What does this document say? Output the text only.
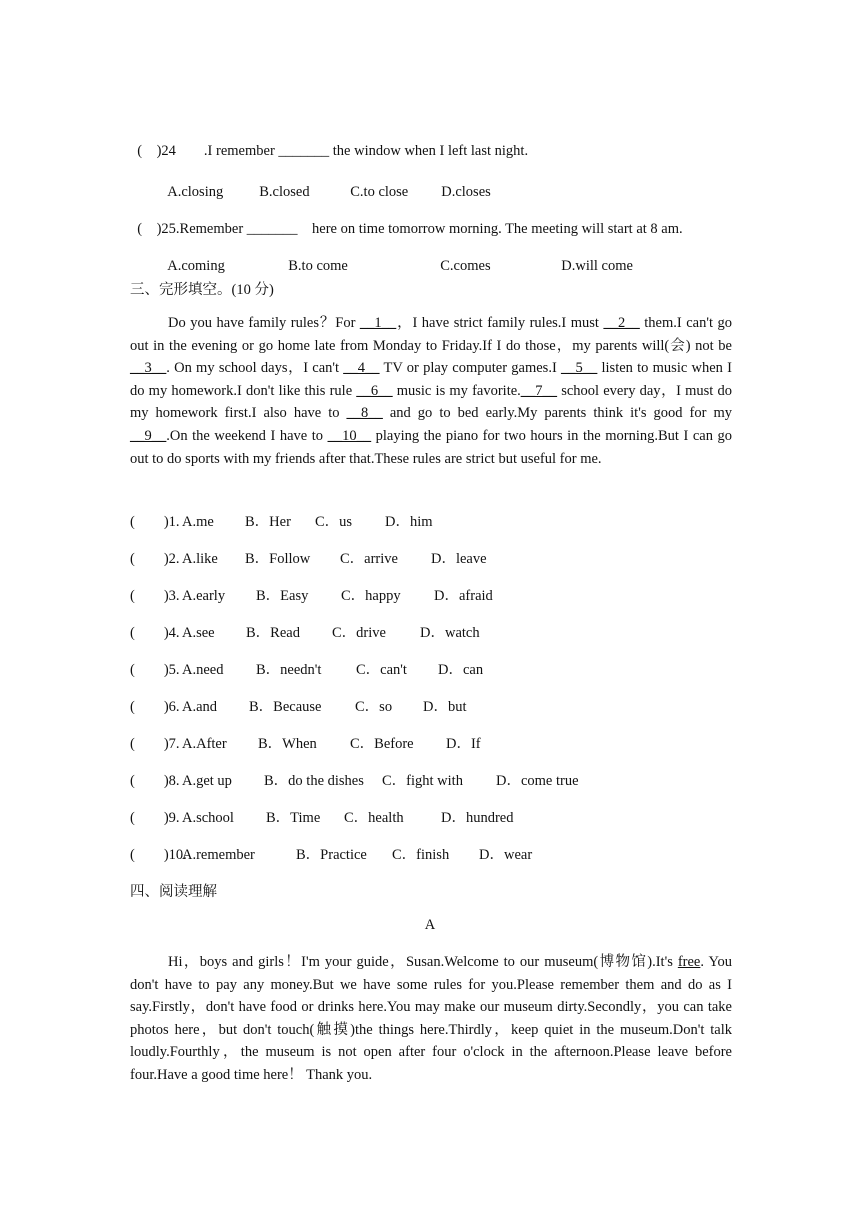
(    )24 .I remember _______ the window when I left last night.

A.closing B.closed	C.to close D.closes

(    )25.Remember _______    here on time tomorrow morning. The meeting will start at 8 am.

A.coming	B.to come	C.comes	D.will come

三、完形填空。(10 分)
Do you have family rules？For __1__，I have strict family rules.I must __2__ them.I can't go out in the evening or go home late from Monday to Friday.If I do those，my parents will(会) not be __3__. On my school days，I can't __4__ TV or play computer games.I __5__ listen to music when I do my homework.I don't like this rule __6__ music is my favorite.__7__ school every day，I must do my homework first.I also have to __8__ and go to bed early.My parents think it's good for my __9__.On the weekend I have to __10__ playing the piano for two hours in the morning.But I can go out to do sports with my friends after that.These rules are strict but useful for me.
(        )1. A.me B．Her C．us D．him
(        )2. A.like B．Follow C．arrive D．leave
(        )3. A.early B．Easy C．happy D．afraid
(        )4. A.see B．Read C．drive D．watch
(        )5. A.need B．needn't C．can't D．can
(        )6. A.and B．Because C．so D．but
(        )7. A.After B．When C．Before D．If
(        )8. A.get up B．do the dishes C．fight with D．come true
(        )9. A.school B．Time C．health	D．hundred
(        )10.A.remember	B．Practice C．finish D．wear
四、阅读理解
A
Hi，boys and girls！I'm your guide，Susan.Welcome to our museum(博物馆).It's free. You don't have to pay any money.But we have some rules for you.Please remember them and do as I say.Firstly，don't have food or drinks here.You may make our museum dirty.Secondly，you can take photos here，but don't touch(触摸)the things here.Thirdly，keep quiet in the museum.Don't talk loudly.Fourthly，the museum is not open after four o'clock in the afternoon.Please leave before four.Have a good time here！ Thank you.
